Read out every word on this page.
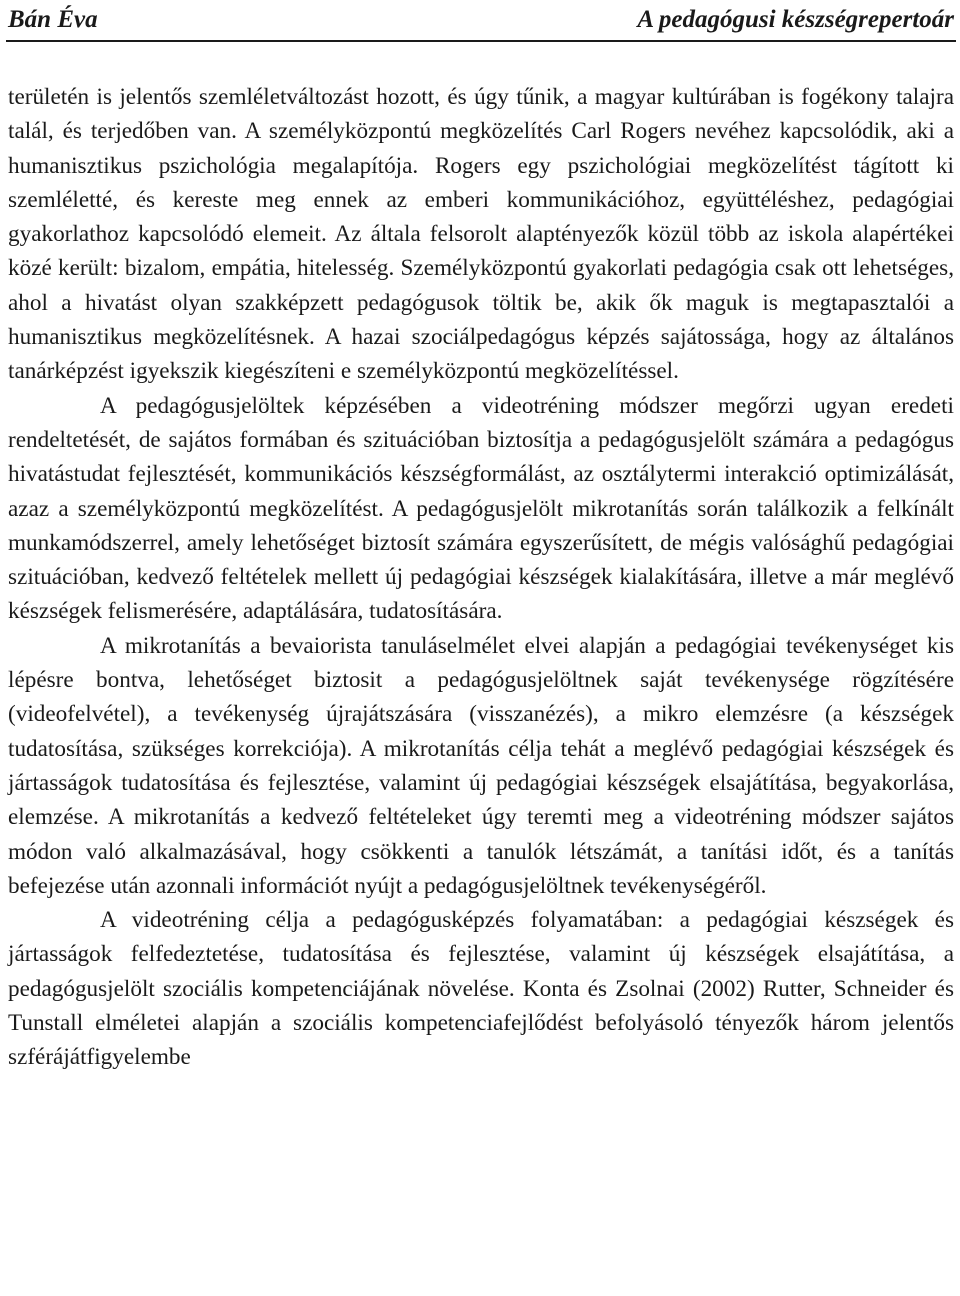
Bán Éva	A pedagógusi készségrepertoár

területén is jelentős szemléletváltozást hozott, és úgy tűnik, a magyar kultúrában is fogékony talajra talál, és terjedőben van. A személyközpontú megközelítés Carl Rogers nevéhez kapcsolódik, aki a humanisztikus pszichológia megalapítója. Rogers egy pszichológiai megközelítést tágított ki szemléletté, és kereste meg ennek az emberi kommunikációhoz, együttéléshez, pedagógiai gyakorlathoz kapcsolódó elemeit. Az általa felsorolt alaptényezők közül több az iskola alapértékei közé került: bizalom, empátia, hitelesség. Személyközpontú gyakorlati pedagógia csak ott lehetséges, ahol a hivatást olyan szakképzett pedagógusok töltik be, akik ők maguk is megtapasztalói a humanisztikus megközelítésnek. A hazai szociálpedagógus képzés sajátossága, hogy az általános tanárképzést igyekszik kiegészíteni e személyközpontú megközelítéssel.

A pedagógusjelöltek képzésében a videotréning módszer megőrzi ugyan eredeti rendeltetését, de sajátos formában és szituációban biztosítja a pedagógusjelölt számára a pedagógus hivatástudat fejlesztését, kommunikációs készségformálást, az osztálytermi interakció optimizálását, azaz a személyközpontú megközelítést. A pedagógusjelölt mikrotanítás során találkozik a felkínált munkamódszerrel, amely lehetőséget biztosít számára egyszerűsített, de mégis valósághű pedagógiai szituációban, kedvező feltételek mellett új pedagógiai készségek kialakítására, illetve a már meglévő készségek felismerésére, adaptálására, tudatosítására.

A mikrotanítás a bevaiorista tanuláselmélet elvei alapján a pedagógiai tevékenységet kis lépésre bontva, lehetőséget biztosit a pedagógusjelöltnek saját tevékenysége rögzítésére (videofelvétel), a tevékenység újrajátszására (visszanézés), a mikro elemzésre (a készségek tudatosítása, szükséges korrekciója). A mikrotanítás célja tehát a meglévő pedagógiai készségek és jártasságok tudatosítása és fejlesztése, valamint új pedagógiai készségek elsajátítása, begyakorlása, elemzése. A mikrotanítás a kedvező feltételeket úgy teremti meg a videotréning módszer sajátos módon való alkalmazásával, hogy csökkenti a tanulók létszámát, a tanítási időt, és a tanítás befejezése után azonnali információt nyújt a pedagógusjelöltnek tevékenységéről.

A videotréning célja a pedagógusképzés folyamatában: a pedagógiai készségek és jártasságok felfedeztetése, tudatosítása és fejlesztése, valamint új készségek elsajátítása, a pedagógusjelölt szociális kompetenciájának növelése. Konta és Zsolnai (2002) Rutter, Schneider és Tunstall elméletei alapján a szociális kompetenciafejlődést befolyásoló tényezők három jelentős szférájátfigyelembe
